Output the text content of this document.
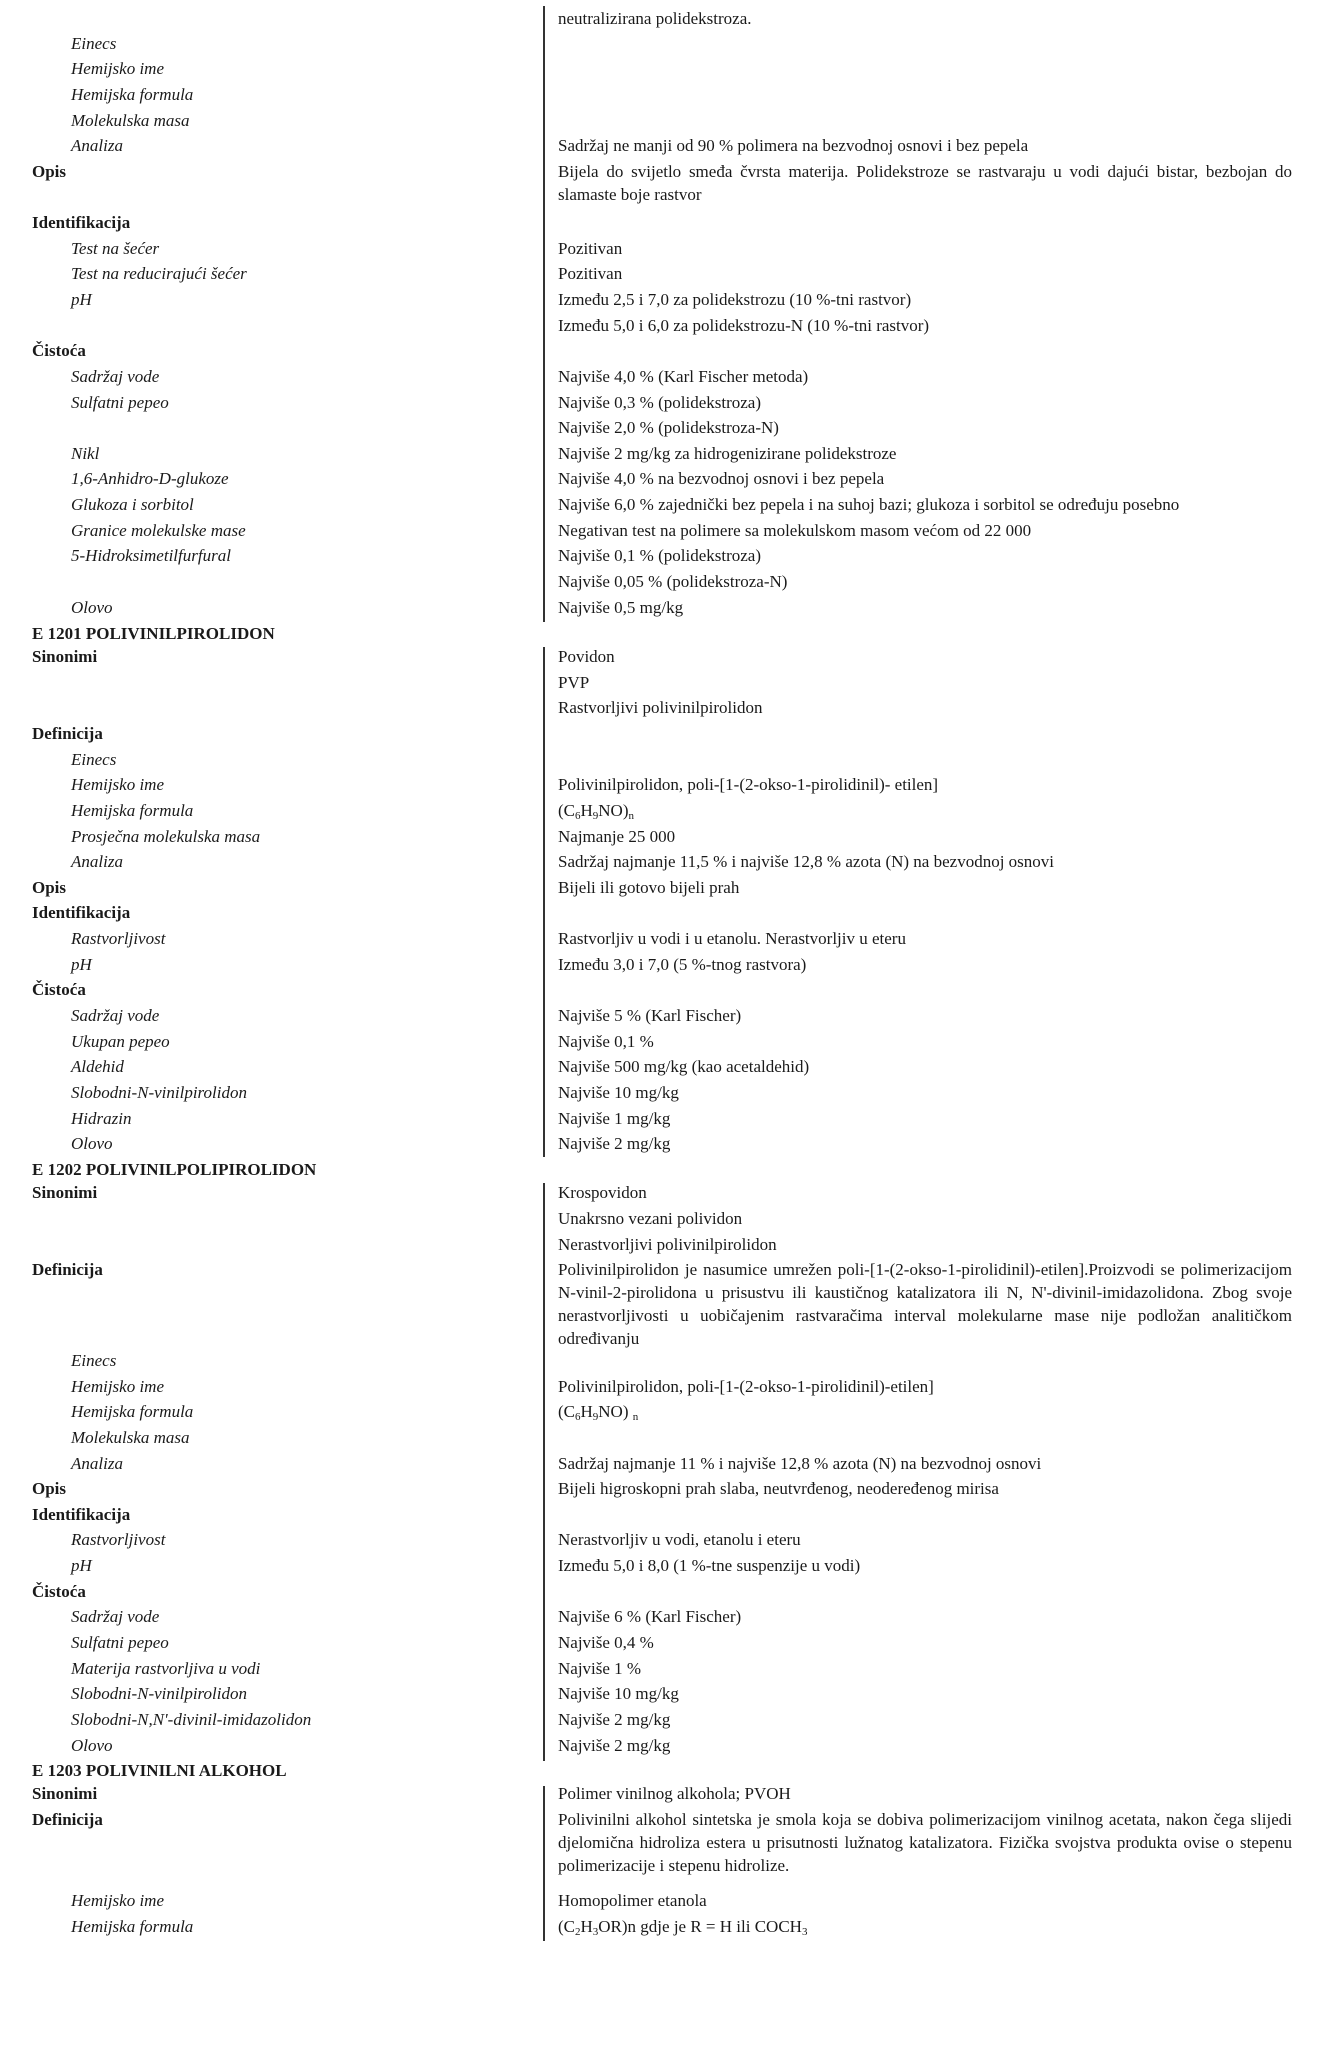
neutralizirana polidekstroza.
Einecs
Hemijsko ime
Hemijska formula
Molekulska masa
Analiza	Sadržaj ne manji od 90 % polimera na bezvodnoj osnovi i bez pepela
Opis	Bijela do svijetlo smeđa čvrsta materija. Polidekstroze se rastvaraju u vodi dajući bistar, bezbojan do slamaste boje rastvor
Identifikacija
Test na šećer	Pozitivan
Test na reducirajući šećer	Pozitivan
pH	Između 2,5 i 7,0 za polidekstrozu (10 %-tni rastvor)
Između 5,0 i 6,0 za polidekstrozu-N (10 %-tni rastvor)
Čistoća
Sadržaj vode	Najviše 4,0 % (Karl Fischer metoda)
Sulfatni pepeo	Najviše 0,3 % (polidekstroza)
Najviše 2,0 % (polidekstroza-N)
Nikl	Najviše 2 mg/kg za hidrogenizirane polidekstroze
1,6-Anhidro-D-glukoze	Najviše 4,0 % na bezvodnoj osnovi i bez pepela
Glukoza i sorbitol	Najviše 6,0 % zajednički bez pepela i na suhoj bazi; glukoza i sorbitol se određuju posebno
Granice molekulske mase	Negativan test na polimere sa molekulskom masom većom od 22 000
5-Hidroksimetilfurfural	Najviše 0,1 % (polidekstroza)
Najviše 0,05 % (polidekstroza-N)
Olovo	Najviše 0,5 mg/kg
E 1201 POLIVINILPIROLIDON
Sinonimi	Povidon
PVP
Rastvorljivi polivinilpirolidon
Definicija
Einecs
Hemijsko ime	Polivinilpirolidon, poli-[1-(2-okso-1-pirolidinil)- etilen]
Hemijska formula	$(C_6H_9NO)_n$
Prosječna molekulska masa	Najmanje 25 000
Analiza	Sadržaj najmanje 11,5 % i najviše 12,8 % azota (N) na bezvodnoj osnovi
Opis	Bijeli ili gotovo bijeli prah
Identifikacija
Rastvorljivost	Rastvorljiv u vodi i u etanolu. Nerastvorljiv u eteru
pH	Između 3,0 i 7,0 (5 %-tnog rastvora)
Čistoća
Sadržaj vode	Najviše 5 % (Karl Fischer)
Ukupan pepeo	Najviše 0,1 %
Aldehid	Najviše 500 mg/kg (kao acetaldehid)
Slobodni-N-vinilpirolidon	Najviše 10 mg/kg
Hidrazin	Najviše 1 mg/kg
Olovo	Najviše 2 mg/kg
E 1202 POLIVINILPOLIPIROLIDON
Sinonimi	Krospovidon
Unakrsno vezani polividon
Nerastvorljivi polivinilpirolidon
Definicija	Polivinilpirolidon je nasumice umrežen poli-[1-(2-okso-1-pirolidinil)-etilen].Proizvodi se polimerizacijom N-vinil-2-pirolidona u prisustvu ili kaustičnog katalizatora ili N, N'-divinil-imidazolidona. Zbog svoje nerastvorljivosti u uobičajenim rastvaračima interval molekularne mase nije podložan analitičkom određivanju
Einecs
Hemijsko ime	Polivinilpirolidon, poli-[1-(2-okso-1-pirolidinil)-etilen]
Hemijska formula	$(C_6H_9NO)$ $_n$
Molekulska masa
Analiza	Sadržaj najmanje 11 % i najviše 12,8 % azota (N) na bezvodnoj osnovi
Opis	Bijeli higroskopni prah slaba, neutvrđenog, neodeređenog mirisa
Identifikacija
Rastvorljivost	Nerastvorljiv u vodi, etanolu i eteru
pH	Između 5,0 i 8,0 (1 %-tne suspenzije u vodi)
Čistoća
Sadržaj vode	Najviše 6 % (Karl Fischer)
Sulfatni pepeo	Najviše 0,4 %
Materija rastvorljiva u vodi	Najviše 1 %
Slobodni-N-vinilpirolidon	Najviše 10 mg/kg
Slobodni-N,N'-divinil-imidazolidon	Najviše 2 mg/kg
Olovo	Najviše 2 mg/kg
E 1203 POLIVINILNI ALKOHOL
Sinonimi	Polimer vinilnog alkohola; PVOH
Definicija	Polivinilni alkohol sintetska je smola koja se dobiva polimerizacijom vinilnog acetata, nakon čega slijedi djelomična hidroliza estera u prisutnosti lužnatog katalizatora. Fizička svojstva produkta ovise o stepenu polimerizacije i stepenu hidrolize.
Hemijsko ime	Homopolimer etanola
Hemijska formula	$(C_2H_3OR)n$ gdje je R = H ili $COCH_3$
